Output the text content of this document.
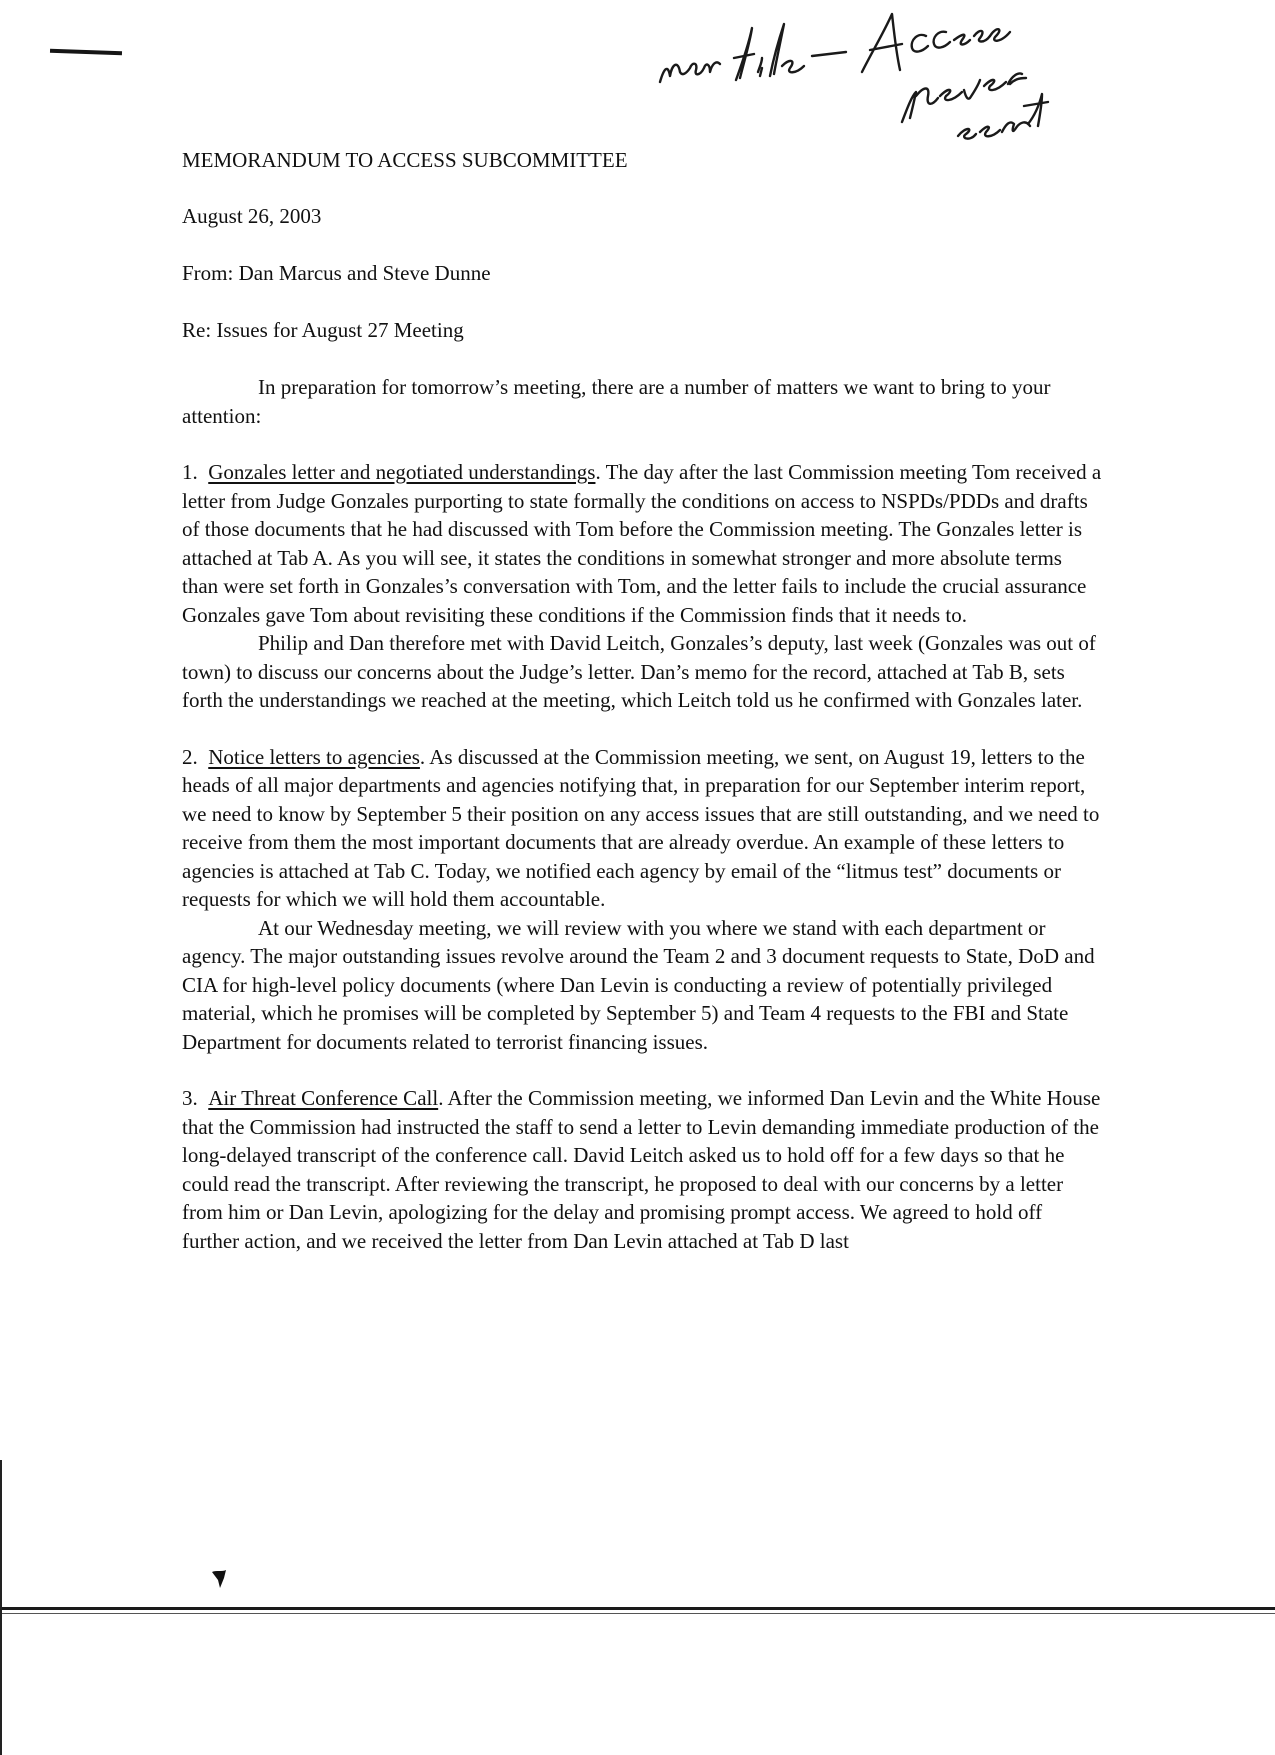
MEMORANDUM TO ACCESS SUBCOMMITTEE

August 26, 2003

From: Dan Marcus and Steve Dunne

Re: Issues for August 27 Meeting

In preparation for tomorrow’s meeting, there are a number of matters we want to bring to your attention:

1. Gonzales letter and negotiated understandings. The day after the last Commission meeting Tom received a letter from Judge Gonzales purporting to state formally the conditions on access to NSPDs/PDDs and drafts of those documents that he had discussed with Tom before the Commission meeting. The Gonzales letter is attached at Tab A. As you will see, it states the conditions in somewhat stronger and more absolute terms than were set forth in Gonzales’s conversation with Tom, and the letter fails to include the crucial assurance Gonzales gave Tom about revisiting these conditions if the Commission finds that it needs to.

Philip and Dan therefore met with David Leitch, Gonzales’s deputy, last week (Gonzales was out of town) to discuss our concerns about the Judge’s letter. Dan’s memo for the record, attached at Tab B, sets forth the understandings we reached at the meeting, which Leitch told us he confirmed with Gonzales later.

2. Notice letters to agencies. As discussed at the Commission meeting, we sent, on August 19, letters to the heads of all major departments and agencies notifying that, in preparation for our September interim report, we need to know by September 5 their position on any access issues that are still outstanding, and we need to receive from them the most important documents that are already overdue. An example of these letters to agencies is attached at Tab C. Today, we notified each agency by email of the “litmus test” documents or requests for which we will hold them accountable.

At our Wednesday meeting, we will review with you where we stand with each department or agency. The major outstanding issues revolve around the Team 2 and 3 document requests to State, DoD and CIA for high-level policy documents (where Dan Levin is conducting a review of potentially privileged material, which he promises will be completed by September 5) and Team 4 requests to the FBI and State Department for documents related to terrorist financing issues.

3. Air Threat Conference Call. After the Commission meeting, we informed Dan Levin and the White House that the Commission had instructed the staff to send a letter to Levin demanding immediate production of the long-delayed transcript of the conference call. David Leitch asked us to hold off for a few days so that he could read the transcript. After reviewing the transcript, he proposed to deal with our concerns by a letter from him or Dan Levin, apologizing for the delay and promising prompt access. We agreed to hold off further action, and we received the letter from Dan Levin attached at Tab D last
